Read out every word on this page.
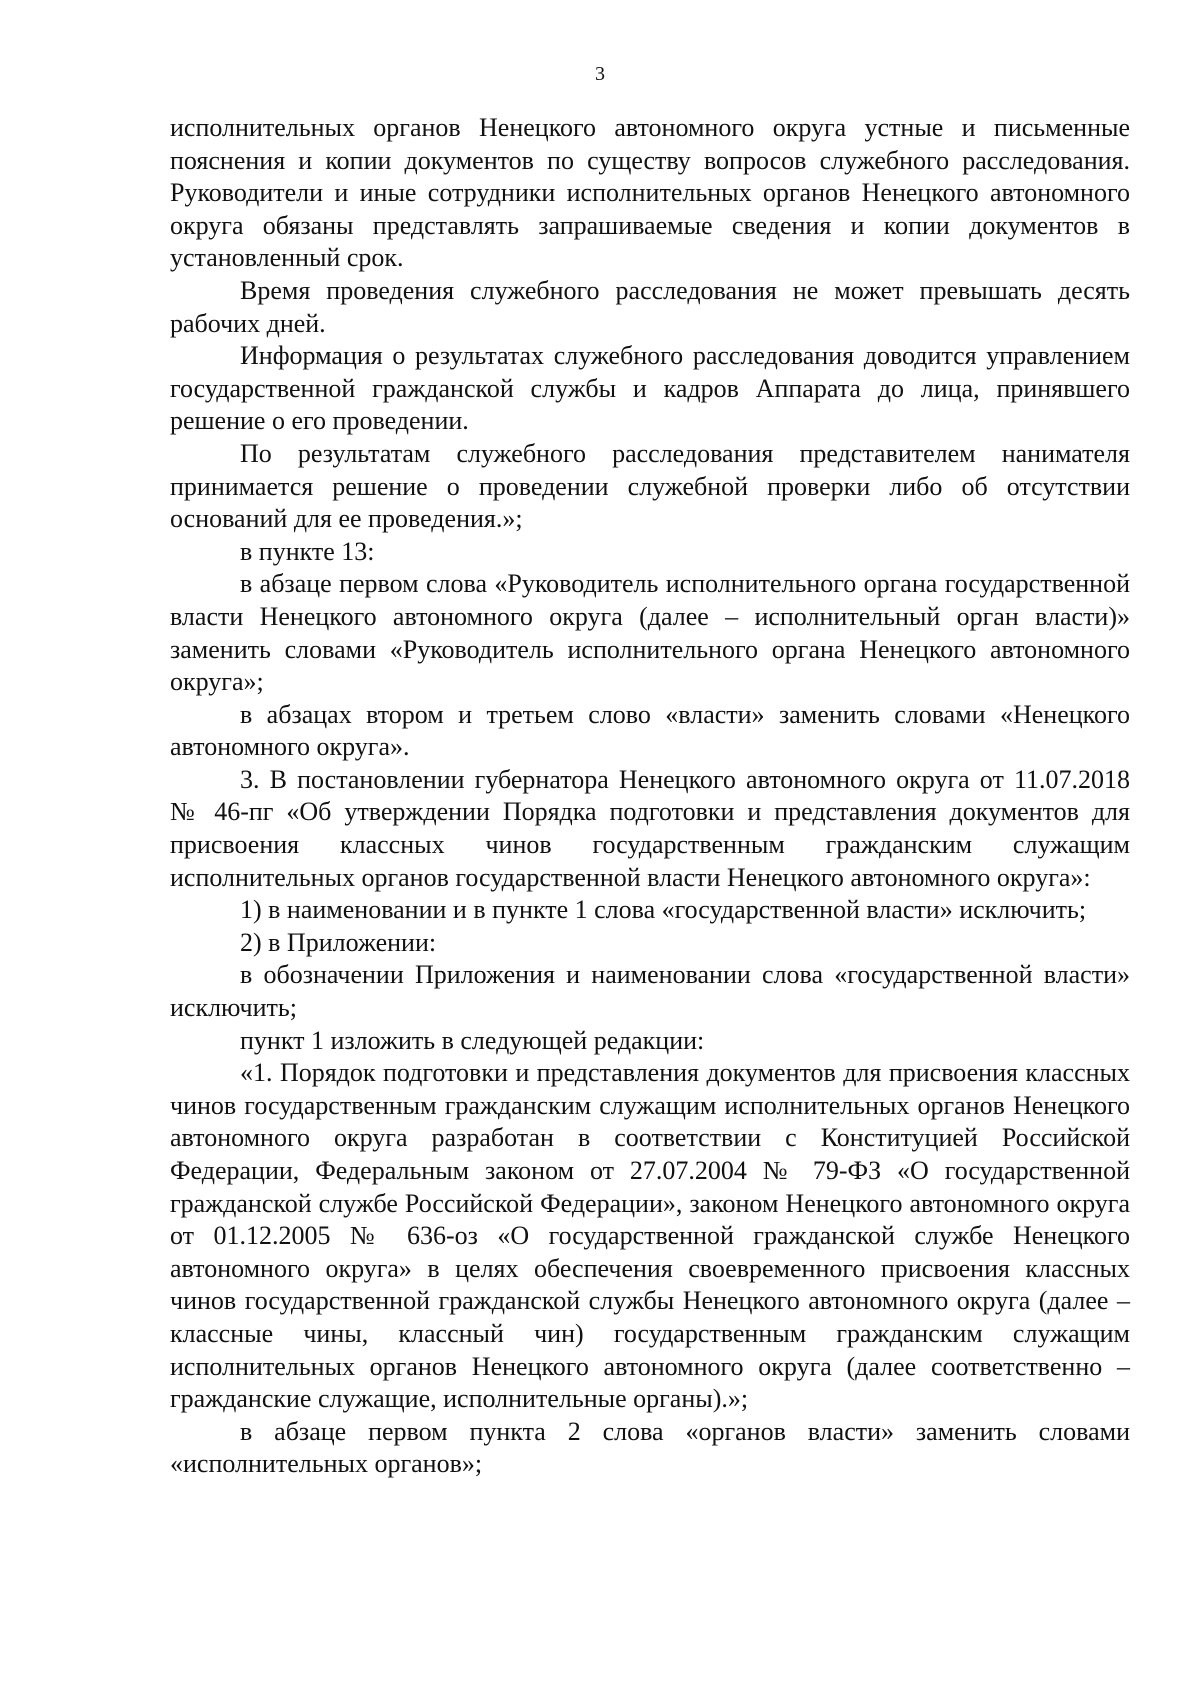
3

исполнительных органов Ненецкого автономного округа устные и письменные пояснения и копии документов по существу вопросов служебного расследования. Руководители и иные сотрудники исполнительных органов Ненецкого автономного округа обязаны представлять запрашиваемые сведения и копии документов в установленный срок.

Время проведения служебного расследования не может превышать десять рабочих дней.

Информация о результатах служебного расследования доводится управлением государственной гражданской службы и кадров Аппарата до лица, принявшего решение о его проведении.

По результатам служебного расследования представителем нанимателя принимается решение о проведении служебной проверки либо об отсутствии оснований для ее проведения.»;

в пункте 13:

в абзаце первом слова «Руководитель исполнительного органа государственной власти Ненецкого автономного округа (далее – исполнительный орган власти)» заменить словами «Руководитель исполнительного органа Ненецкого автономного округа»;

в абзацах втором и третьем слово «власти» заменить словами «Ненецкого автономного округа».

3. В постановлении губернатора Ненецкого автономного округа от 11.07.2018 № 46-пг «Об утверждении Порядка подготовки и представления документов для присвоения классных чинов государственным гражданским служащим исполнительных органов государственной власти Ненецкого автономного округа»:

1) в наименовании и в пункте 1 слова «государственной власти» исключить;

2) в Приложении:

в обозначении Приложения и наименовании слова «государственной власти» исключить;

пункт 1 изложить в следующей редакции:

«1. Порядок подготовки и представления документов для присвоения классных чинов государственным гражданским служащим исполнительных органов Ненецкого автономного округа разработан в соответствии с Конституцией Российской Федерации, Федеральным законом от 27.07.2004 № 79-ФЗ «О государственной гражданской службе Российской Федерации», законом Ненецкого автономного округа от 01.12.2005 № 636-оз «О государственной гражданской службе Ненецкого автономного округа» в целях обеспечения своевременного присвоения классных чинов государственной гражданской службы Ненецкого автономного округа (далее – классные чины, классный чин) государственным гражданским служащим исполнительных органов Ненецкого автономного округа (далее соответственно – гражданские служащие, исполнительные органы).»;

в абзаце первом пункта 2 слова «органов власти» заменить словами «исполнительных органов»;
